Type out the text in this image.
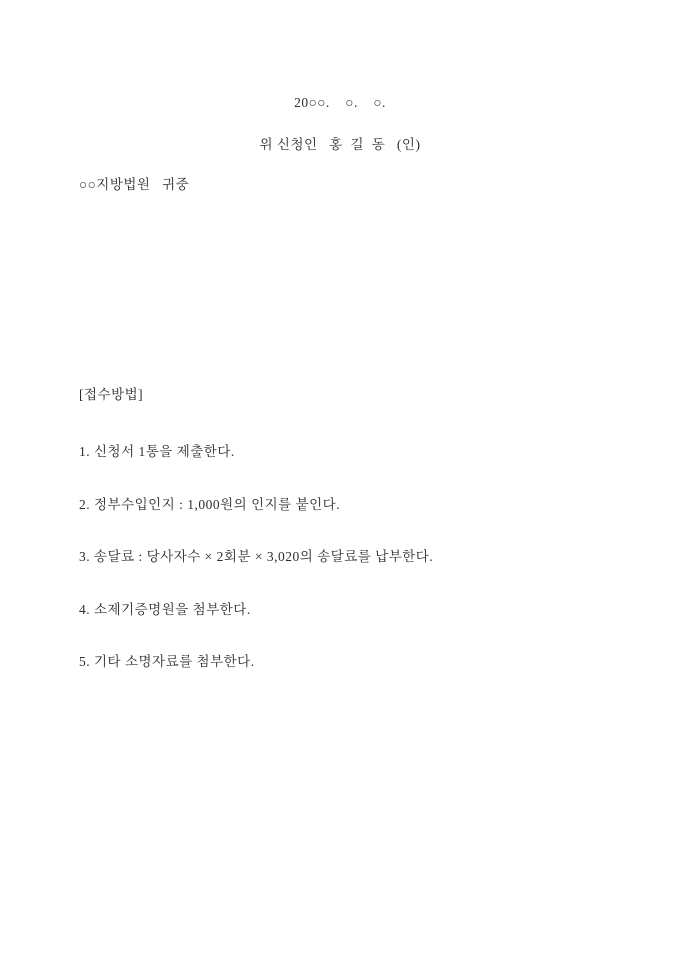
20○○.    ○.    ○.
위 신청인   홍  길  동   (인)
○○지방법원   귀중

[접수방법]

1. 신청서 1통을 제출한다.

2. 정부수입인지 : 1,000원의 인지를 붙인다.

3. 송달료 : 당사자수 × 2회분 × 3,020의 송달료를 납부한다.

4. 소제기증명원을 첨부한다.

5. 기타 소명자료를 첨부한다.
